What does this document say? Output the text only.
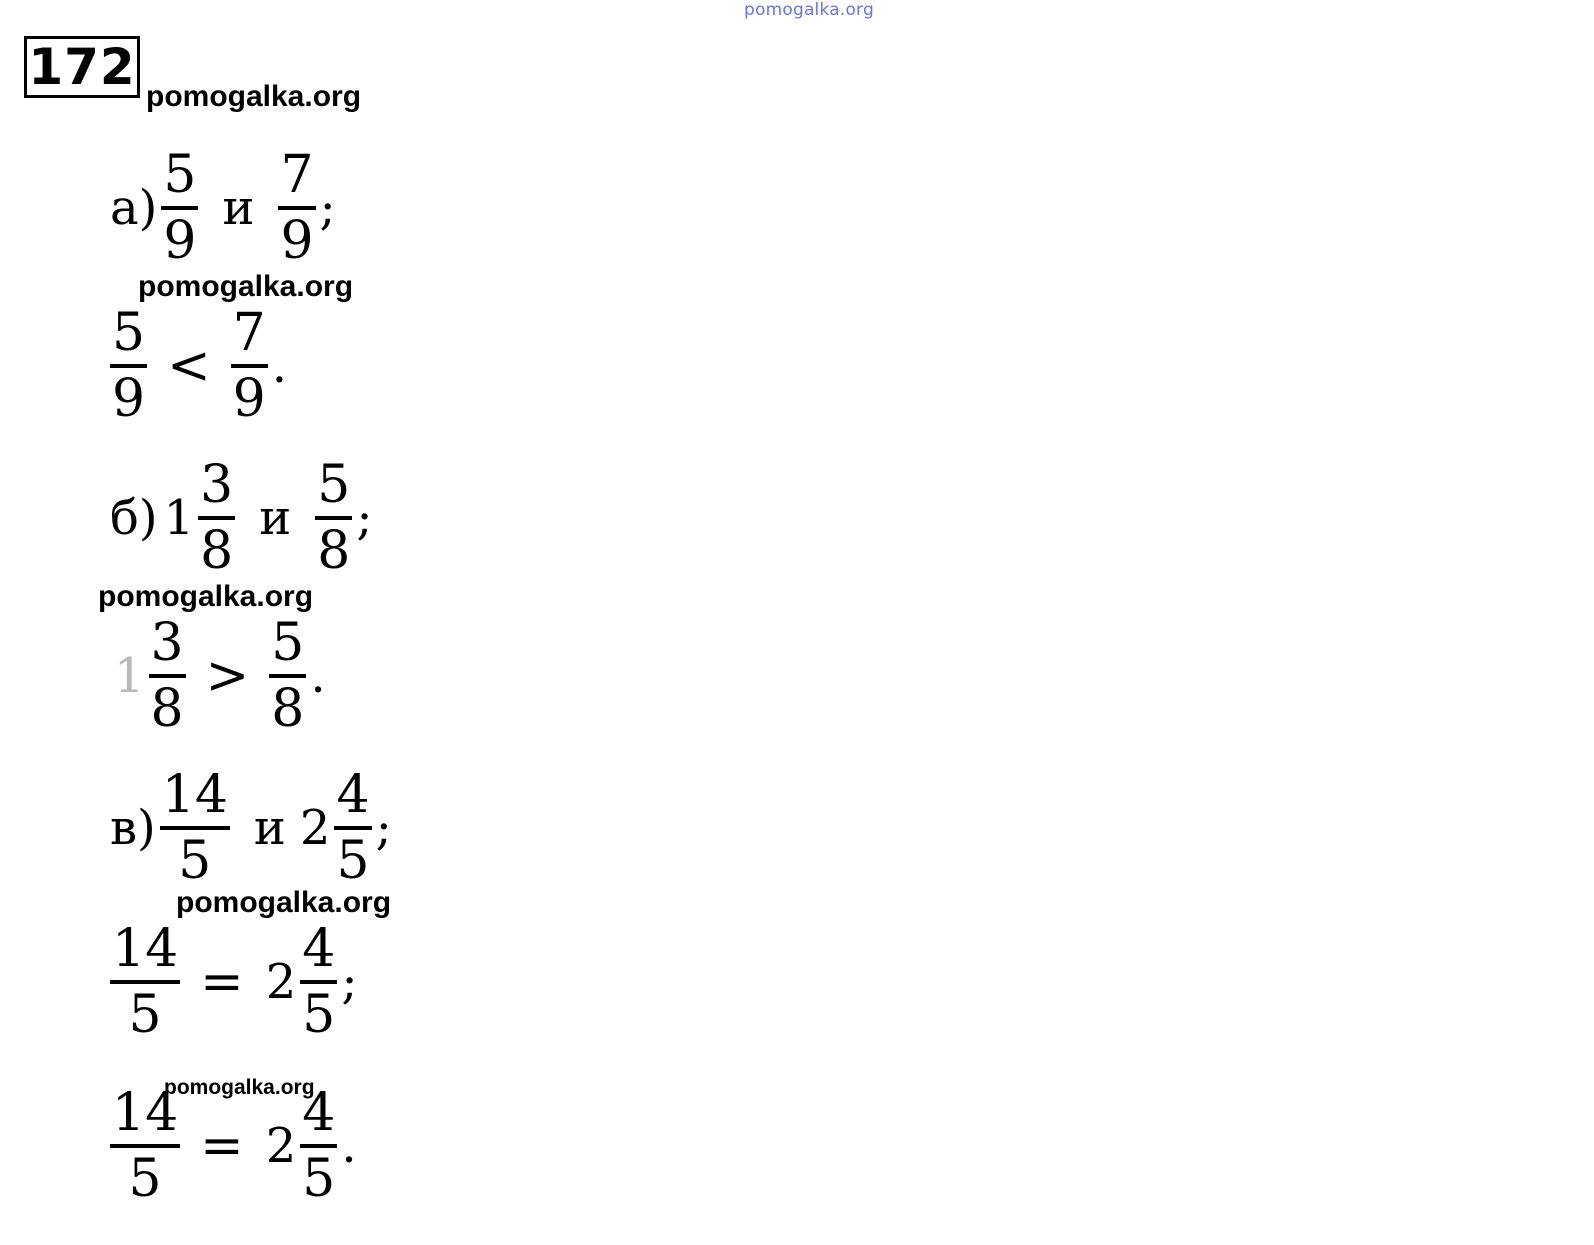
pomogalka.org
172
pomogalka.org
$а) \frac{5}{9}$ и $\frac{7}{9}$ ;
pomogalka.org
$\frac{5}{9} < \frac{7}{9}$ .
б) $1 \frac{3}{8}$ и $\frac{5}{8}$ ;
pomogalka.org
$1 \frac{3}{8} > \frac{5}{8}$ .
$в) \frac{14}{5}$ и $2 \frac{4}{5}$ ;
pomogalka.org
$\frac{14}{5} = 2 \frac{4}{5}$ ;
pomogalka.org
$\frac{14}{5} = 2 \frac{4}{5}$ .
